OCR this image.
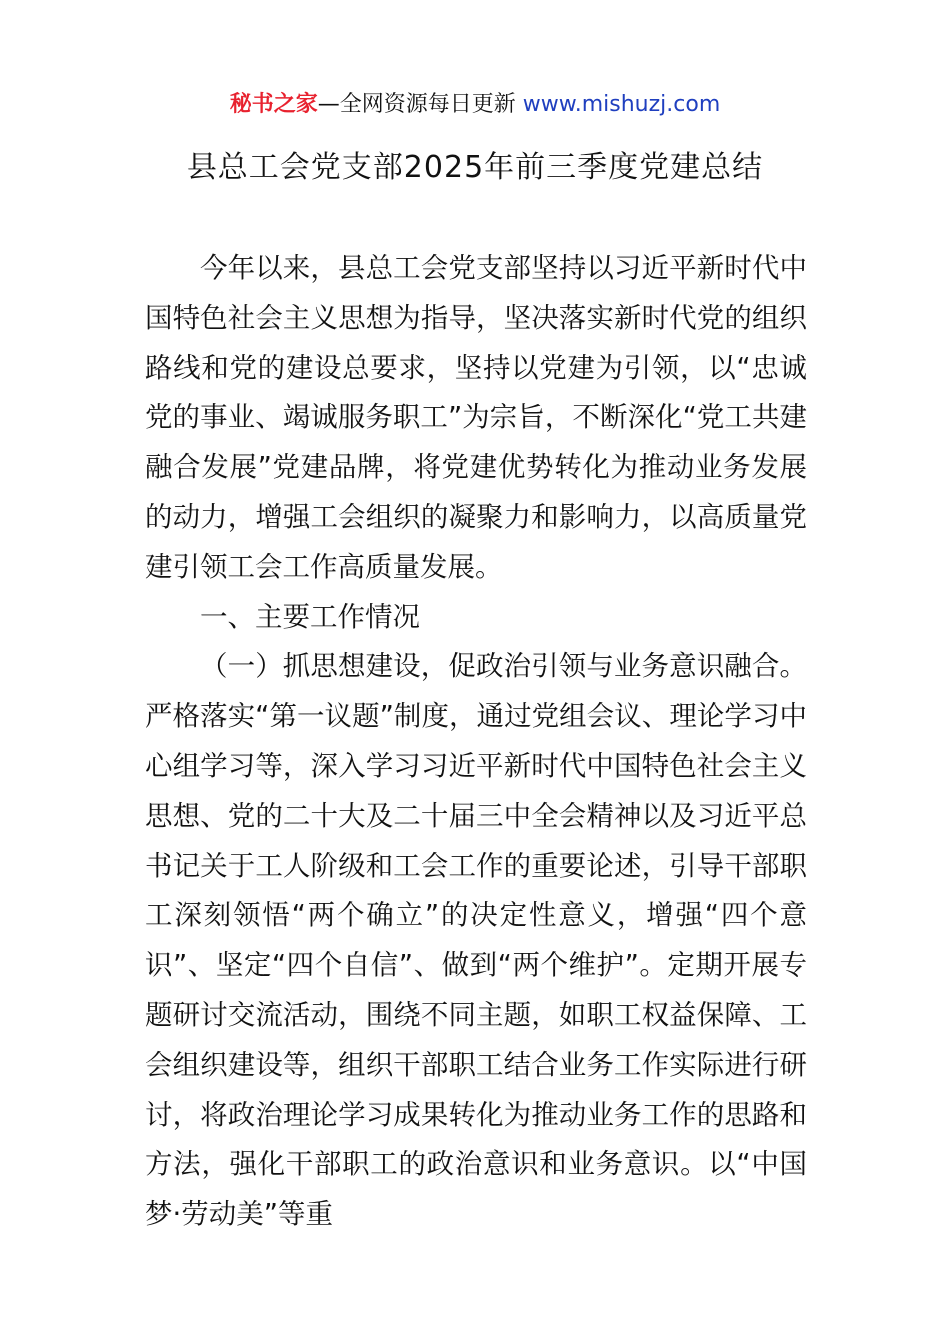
秘书之家—全网资源每日更新 www.mishuzj.com
县总工会党支部2025年前三季度党建总结

今年以来，县总工会党支部坚持以习近平新时代中国特色社会主义思想为指导，坚决落实新时代党的组织路线和党的建设总要求，坚持以党建为引领，以“忠诚党的事业、竭诚服务职工”为宗旨，不断深化“党工共建融合发展”党建品牌，将党建优势转化为推动业务发展的动力，增强工会组织的凝聚力和影响力，以高质量党建引领工会工作高质量发展。

一、主要工作情况

（一）抓思想建设，促政治引领与业务意识融合。严格落实“第一议题”制度，通过党组会议、理论学习中心组学习等，深入学习习近平新时代中国特色社会主义思想、党的二十大及二十届三中全会精神以及习近平总书记关于工人阶级和工会工作的重要论述，引导干部职工深刻领悟“两个确立”的决定性意义，增强“四个意识”、坚定“四个自信”、做到“两个维护”。定期开展专题研讨交流活动，围绕不同主题，如职工权益保障、工会组织建设等，组织干部职工结合业务工作实际进行研讨，将政治理论学习成果转化为推动业务工作的思路和方法，强化干部职工的政治意识和业务意识。以“中国梦·劳动美”等重
